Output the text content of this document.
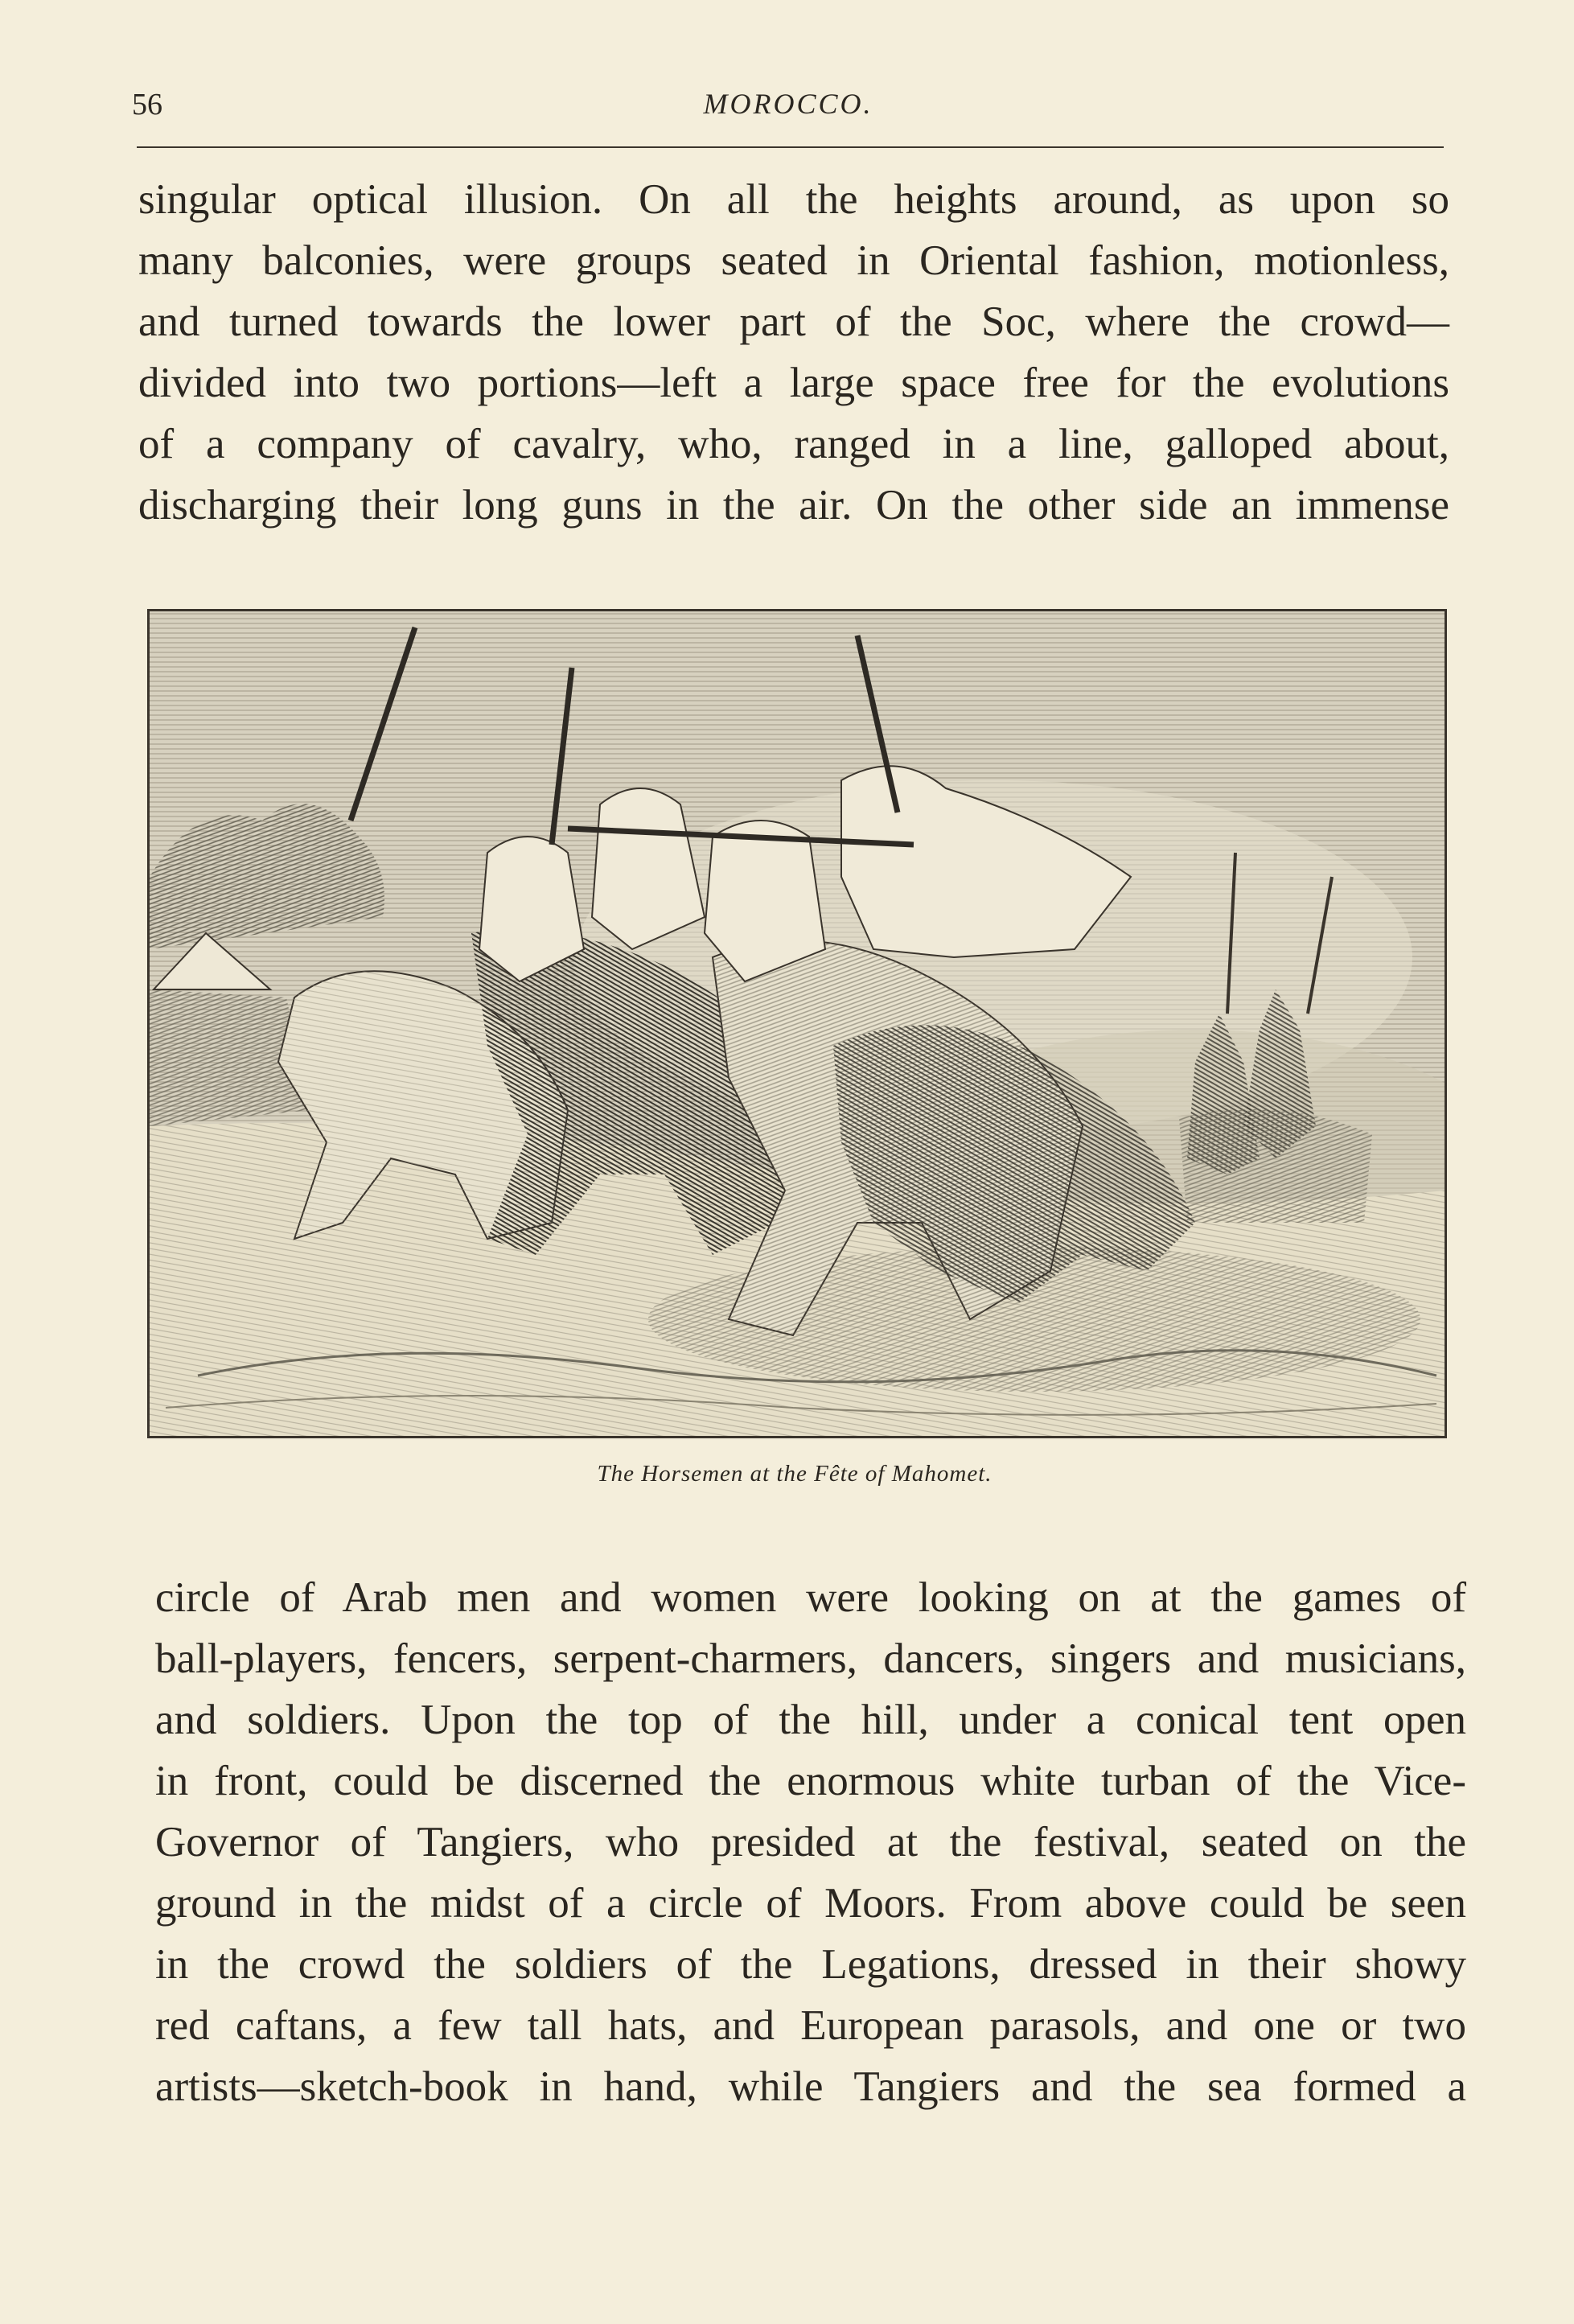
56	MOROCCO.
singular optical illusion. On all the heights around, as upon so
many balconies, were groups seated in Oriental fashion, motionless,
and turned towards the lower part of the Soc, where the crowd—
divided into two portions—left a large space free for the evolutions
of a company of cavalry, who, ranged in a line, galloped about,
discharging their long guns in the air. On the other side an immense
The Horsemen at the Fête of Mahomet.
circle of Arab men and women were looking on at the games of
ball-players, fencers, serpent-charmers, dancers, singers and musicians,
and soldiers. Upon the top of the hill, under a conical tent open
in front, could be discerned the enormous white turban of the Vice-
Governor of Tangiers, who presided at the festival, seated on the
ground in the midst of a circle of Moors. From above could be seen
in the crowd the soldiers of the Legations, dressed in their showy
red caftans, a few tall hats, and European parasols, and one or two
artists—sketch-book in hand, while Tangiers and the sea formed a
